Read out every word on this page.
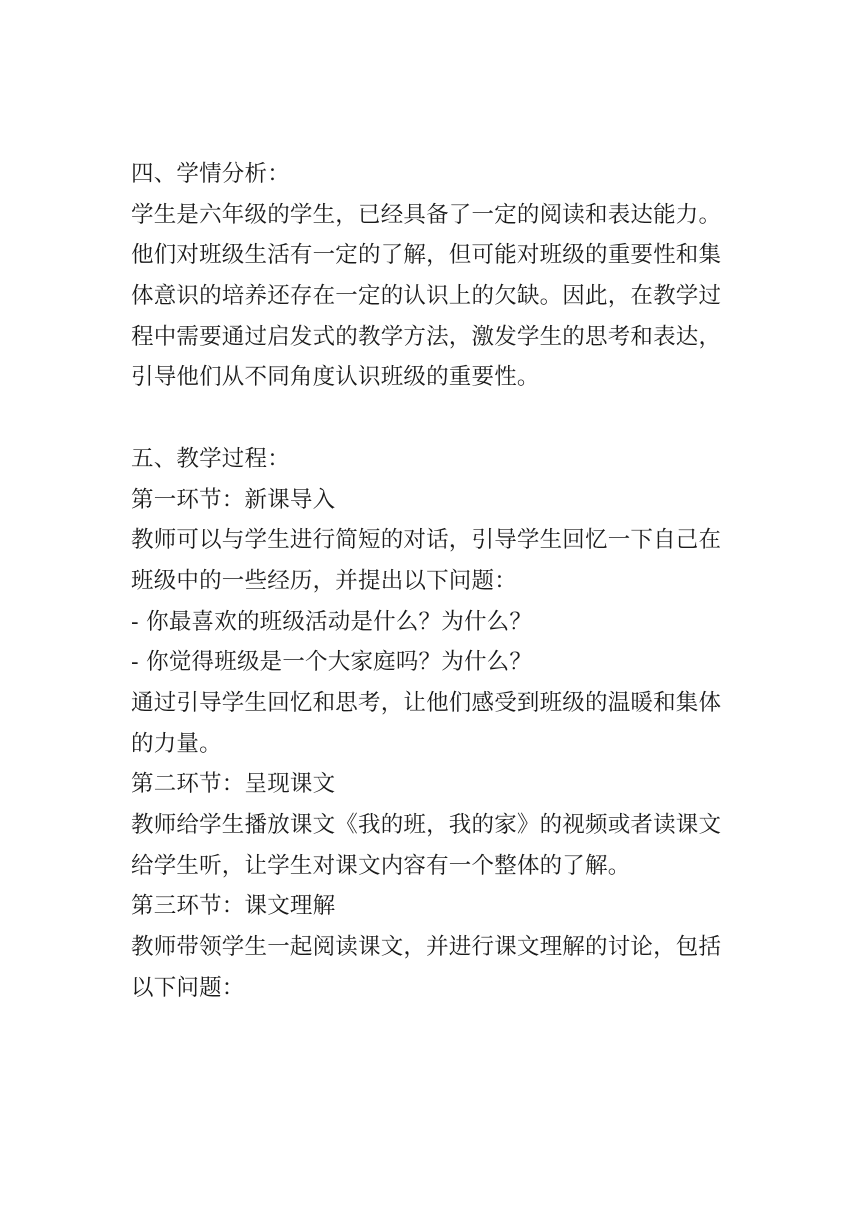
四、学情分析：
学生是六年级的学生，已经具备了一定的阅读和表达能力。
他们对班级生活有一定的了解，但可能对班级的重要性和集
体意识的培养还存在一定的认识上的欠缺。因此，在教学过
程中需要通过启发式的教学方法，激发学生的思考和表达，
引导他们从不同角度认识班级的重要性。
五、教学过程：
第一环节：新课导入
教师可以与学生进行简短的对话，引导学生回忆一下自己在
班级中的一些经历，并提出以下问题：
- 你最喜欢的班级活动是什么？为什么？
- 你觉得班级是一个大家庭吗？为什么？
通过引导学生回忆和思考，让他们感受到班级的温暖和集体
的力量。
第二环节：呈现课文
教师给学生播放课文《我的班，我的家》的视频或者读课文
给学生听，让学生对课文内容有一个整体的了解。
第三环节：课文理解
教师带领学生一起阅读课文，并进行课文理解的讨论，包括
以下问题：
